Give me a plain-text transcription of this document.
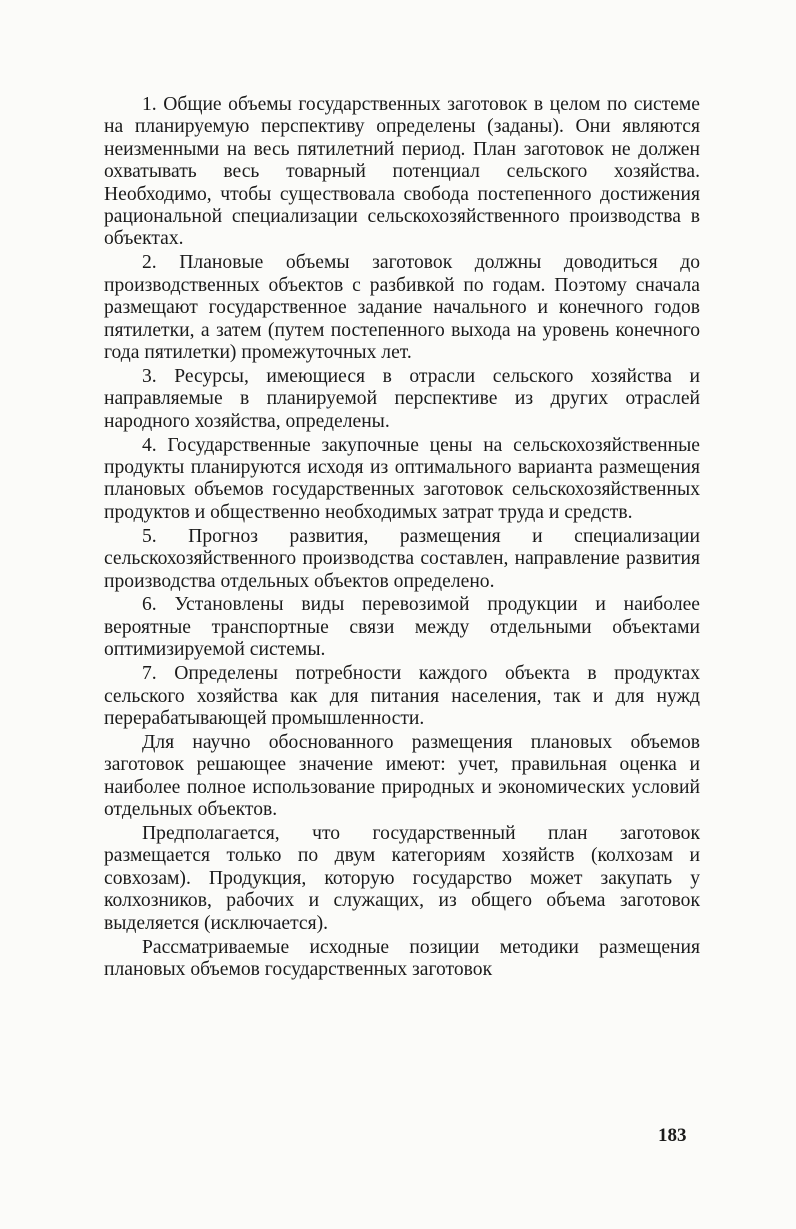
1. Общие объемы государственных заготовок в целом по системе на планируемую перспективу определены (заданы). Они являются неизменными на весь пятилетний период. План заготовок не должен охватывать весь товарный потенциал сельского хозяйства. Необходимо, чтобы существовала свобода постепенного достижения рациональной специализации сельскохозяйственного производства в объектах.

2. Плановые объемы заготовок должны доводиться до производственных объектов с разбивкой по годам. Поэтому сначала размещают государственное задание начального и конечного годов пятилетки, а затем (путем постепенного выхода на уровень конечного года пятилетки) промежуточных лет.

3. Ресурсы, имеющиеся в отрасли сельского хозяйства и направляемые в планируемой перспективе из других отраслей народного хозяйства, определены.

4. Государственные закупочные цены на сельскохозяйственные продукты планируются исходя из оптимального варианта размещения плановых объемов государственных заготовок сельскохозяйственных продуктов и общественно необходимых затрат труда и средств.

5. Прогноз развития, размещения и специализации сельскохозяйственного производства составлен, направление развития производства отдельных объектов определено.

6. Установлены виды перевозимой продукции и наиболее вероятные транспортные связи между отдельными объектами оптимизируемой системы.

7. Определены потребности каждого объекта в продуктах сельского хозяйства как для питания населения, так и для нужд перерабатывающей промышленности.

Для научно обоснованного размещения плановых объемов заготовок решающее значение имеют: учет, правильная оценка и наиболее полное использование природных и экономических условий отдельных объектов.

Предполагается, что государственный план заготовок размещается только по двум категориям хозяйств (колхозам и совхозам). Продукция, которую государство может закупать у колхозников, рабочих и служащих, из общего объема заготовок выделяется (исключается).

Рассматриваемые исходные позиции методики размещения плановых объемов государственных заготовок

183
